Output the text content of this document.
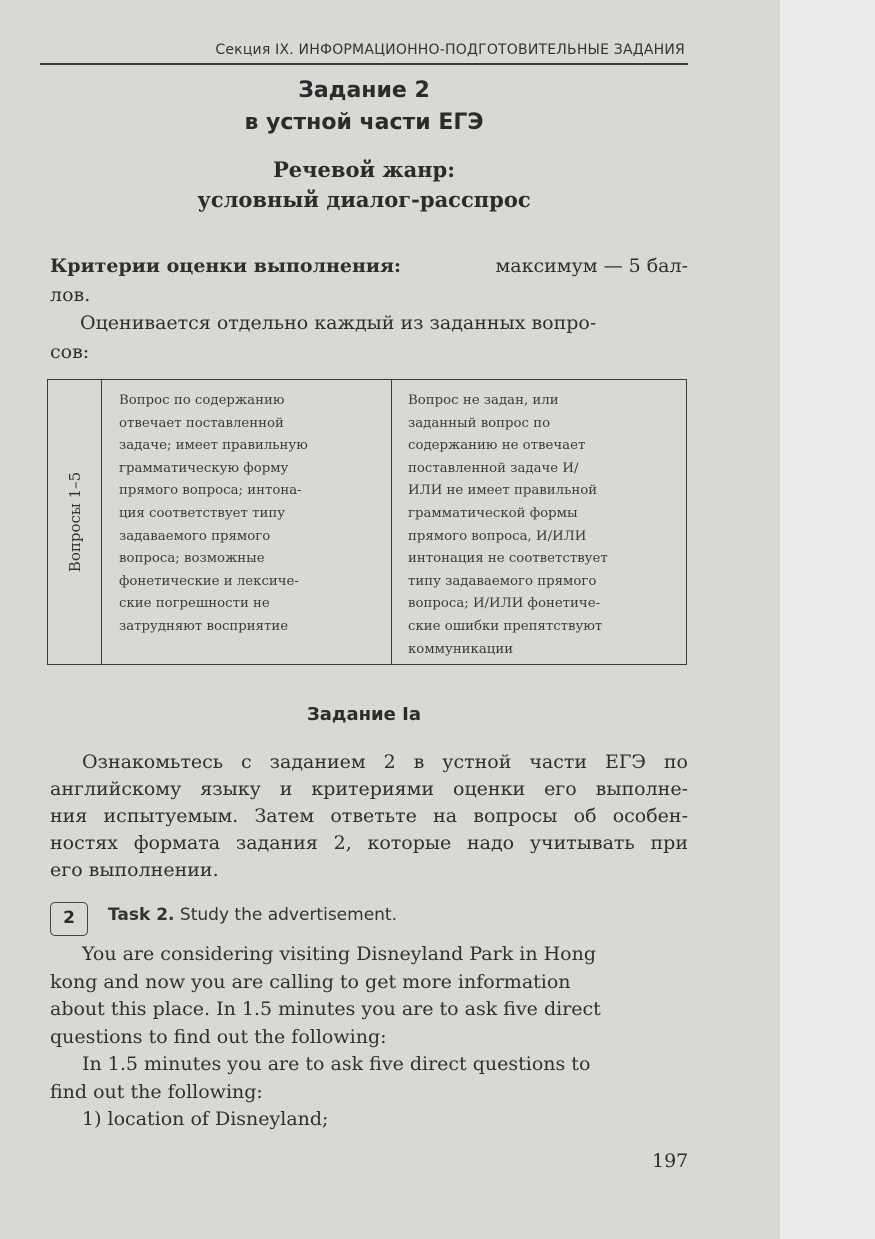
Секция IX. ИНФОРМАЦИОННО-ПОДГОТОВИТЕЛЬНЫЕ ЗАДАНИЯ
Задание 2
в устной части ЕГЭ
Речевой жанр:
условный диалог-расспрос
Критерии оценки выполнения:	максимум — 5 бал-
лов.
Оценивается отдельно каждый из заданных вопро-
сов:
Вопросы 1–5
Вопрос по содержанию
отвечает поставленной
задаче; имеет правильную
грамматическую форму
прямого вопроса; интона-
ция соответствует типу
задаваемого прямого
вопроса; возможные
фонетические и лексиче-
ские погрешности не
затрудняют восприятие
Вопрос не задан, или
заданный вопрос по
содержанию не отвечает
поставленной задаче И/
ИЛИ не имеет правильной
грамматической формы
прямого вопроса, И/ИЛИ
интонация не соответствует
типу задаваемого прямого
вопроса; И/ИЛИ фонетиче-
ские ошибки препятствуют
коммуникации
Задание Iа
Ознакомьтесь с заданием 2 в устной части ЕГЭ по
английскому языку и критериями оценки его выполне-
ния испытуемым. Затем ответьте на вопросы об особен-
ностях формата задания 2, которые надо учитывать при
его выполнении.
2	Task 2. Study the advertisement.
You are considering visiting Disneyland Park in Hong
kong and now you are calling to get more information
about this place. In 1.5 minutes you are to ask five direct
questions to find out the following:
In 1.5 minutes you are to ask five direct questions to
find out the following:
1) location of Disneyland;
197
